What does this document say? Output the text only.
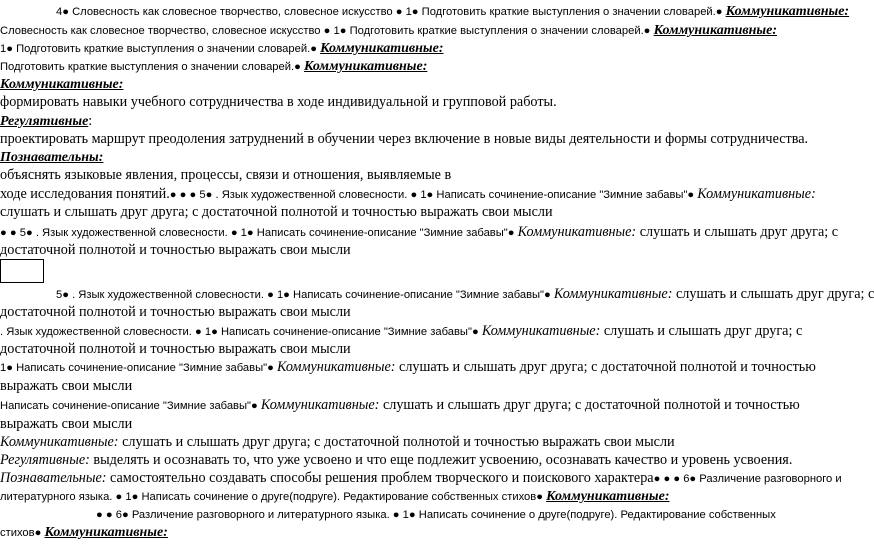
4● Словесность как словесное творчество, словесное искусство ● 1● Подготовить краткие выступления о значении словарей.● Коммуникативные:
Словесность как словесное творчество, словесное искусство ● 1● Подготовить краткие выступления о значении словарей.● Коммуникативные:
1● Подготовить краткие выступления о значении словарей.● Коммуникативные:
Подготовить краткие выступления о значении словарей.● Коммуникативные:
Коммуникативные:
формировать навыки учебного сотрудничества в ходе индивидуальной и групповой работы.
Регулятивные:
проектировать маршрут преодоления затруднений в обучении через включение в новые виды деятельности и формы сотрудничества.
Познавательны:
объяснять языковые явления, процессы, связи и отношения, выявляемые в
ходе исследования понятий.● ● ● 5● . Язык художественной словесности. ● 1● Написать сочинение-описание "Зимние забавы"● Коммуникативные:
слушать и слышать друг друга; с достаточной полнотой и точностью выражать свои мысли
● ● 5● . Язык художественной словесности. ● 1● Написать сочинение-описание "Зимние забавы"● Коммуникативные: слушать и слышать друг друга; с
достаточной полнотой и точностью выражать свои мысли
5● . Язык художественной словесности. ● 1● Написать сочинение-описание "Зимние забавы"● Коммуникативные: слушать и слышать друг друга; с
достаточной полнотой и точностью выражать свои мысли
. Язык художественной словесности. ● 1● Написать сочинение-описание "Зимние забавы"● Коммуникативные: слушать и слышать друг друга; с
достаточной полнотой и точностью выражать свои мысли
1● Написать сочинение-описание "Зимние забавы"● Коммуникативные: слушать и слышать друг друга; с достаточной полнотой и точностью
выражать свои мысли
Написать сочинение-описание "Зимние забавы"● Коммуникативные: слушать и слышать друг друга; с достаточной полнотой и точностью
выражать свои мысли
Коммуникативные: слушать и слышать друг друга; с достаточной полнотой и точностью выражать свои мысли
Регулятивные: выделять и осознавать то, что уже усвоено и что еще подлежит усвоению, осознавать качество и уровень усвоения.
Познавательные: самостоятельно создавать способы решения проблем творческого и поискового характера● ● ● 6● Различение разговорного и
литературного языка. ● 1● Написать сочинение о друге(подруге). Редактирование собственных стихов● Коммуникативные:
● ● 6● Различение разговорного и литературного языка. ● 1● Написать сочинение о друге(подруге). Редактирование собственных
стихов● Коммуникативные:
